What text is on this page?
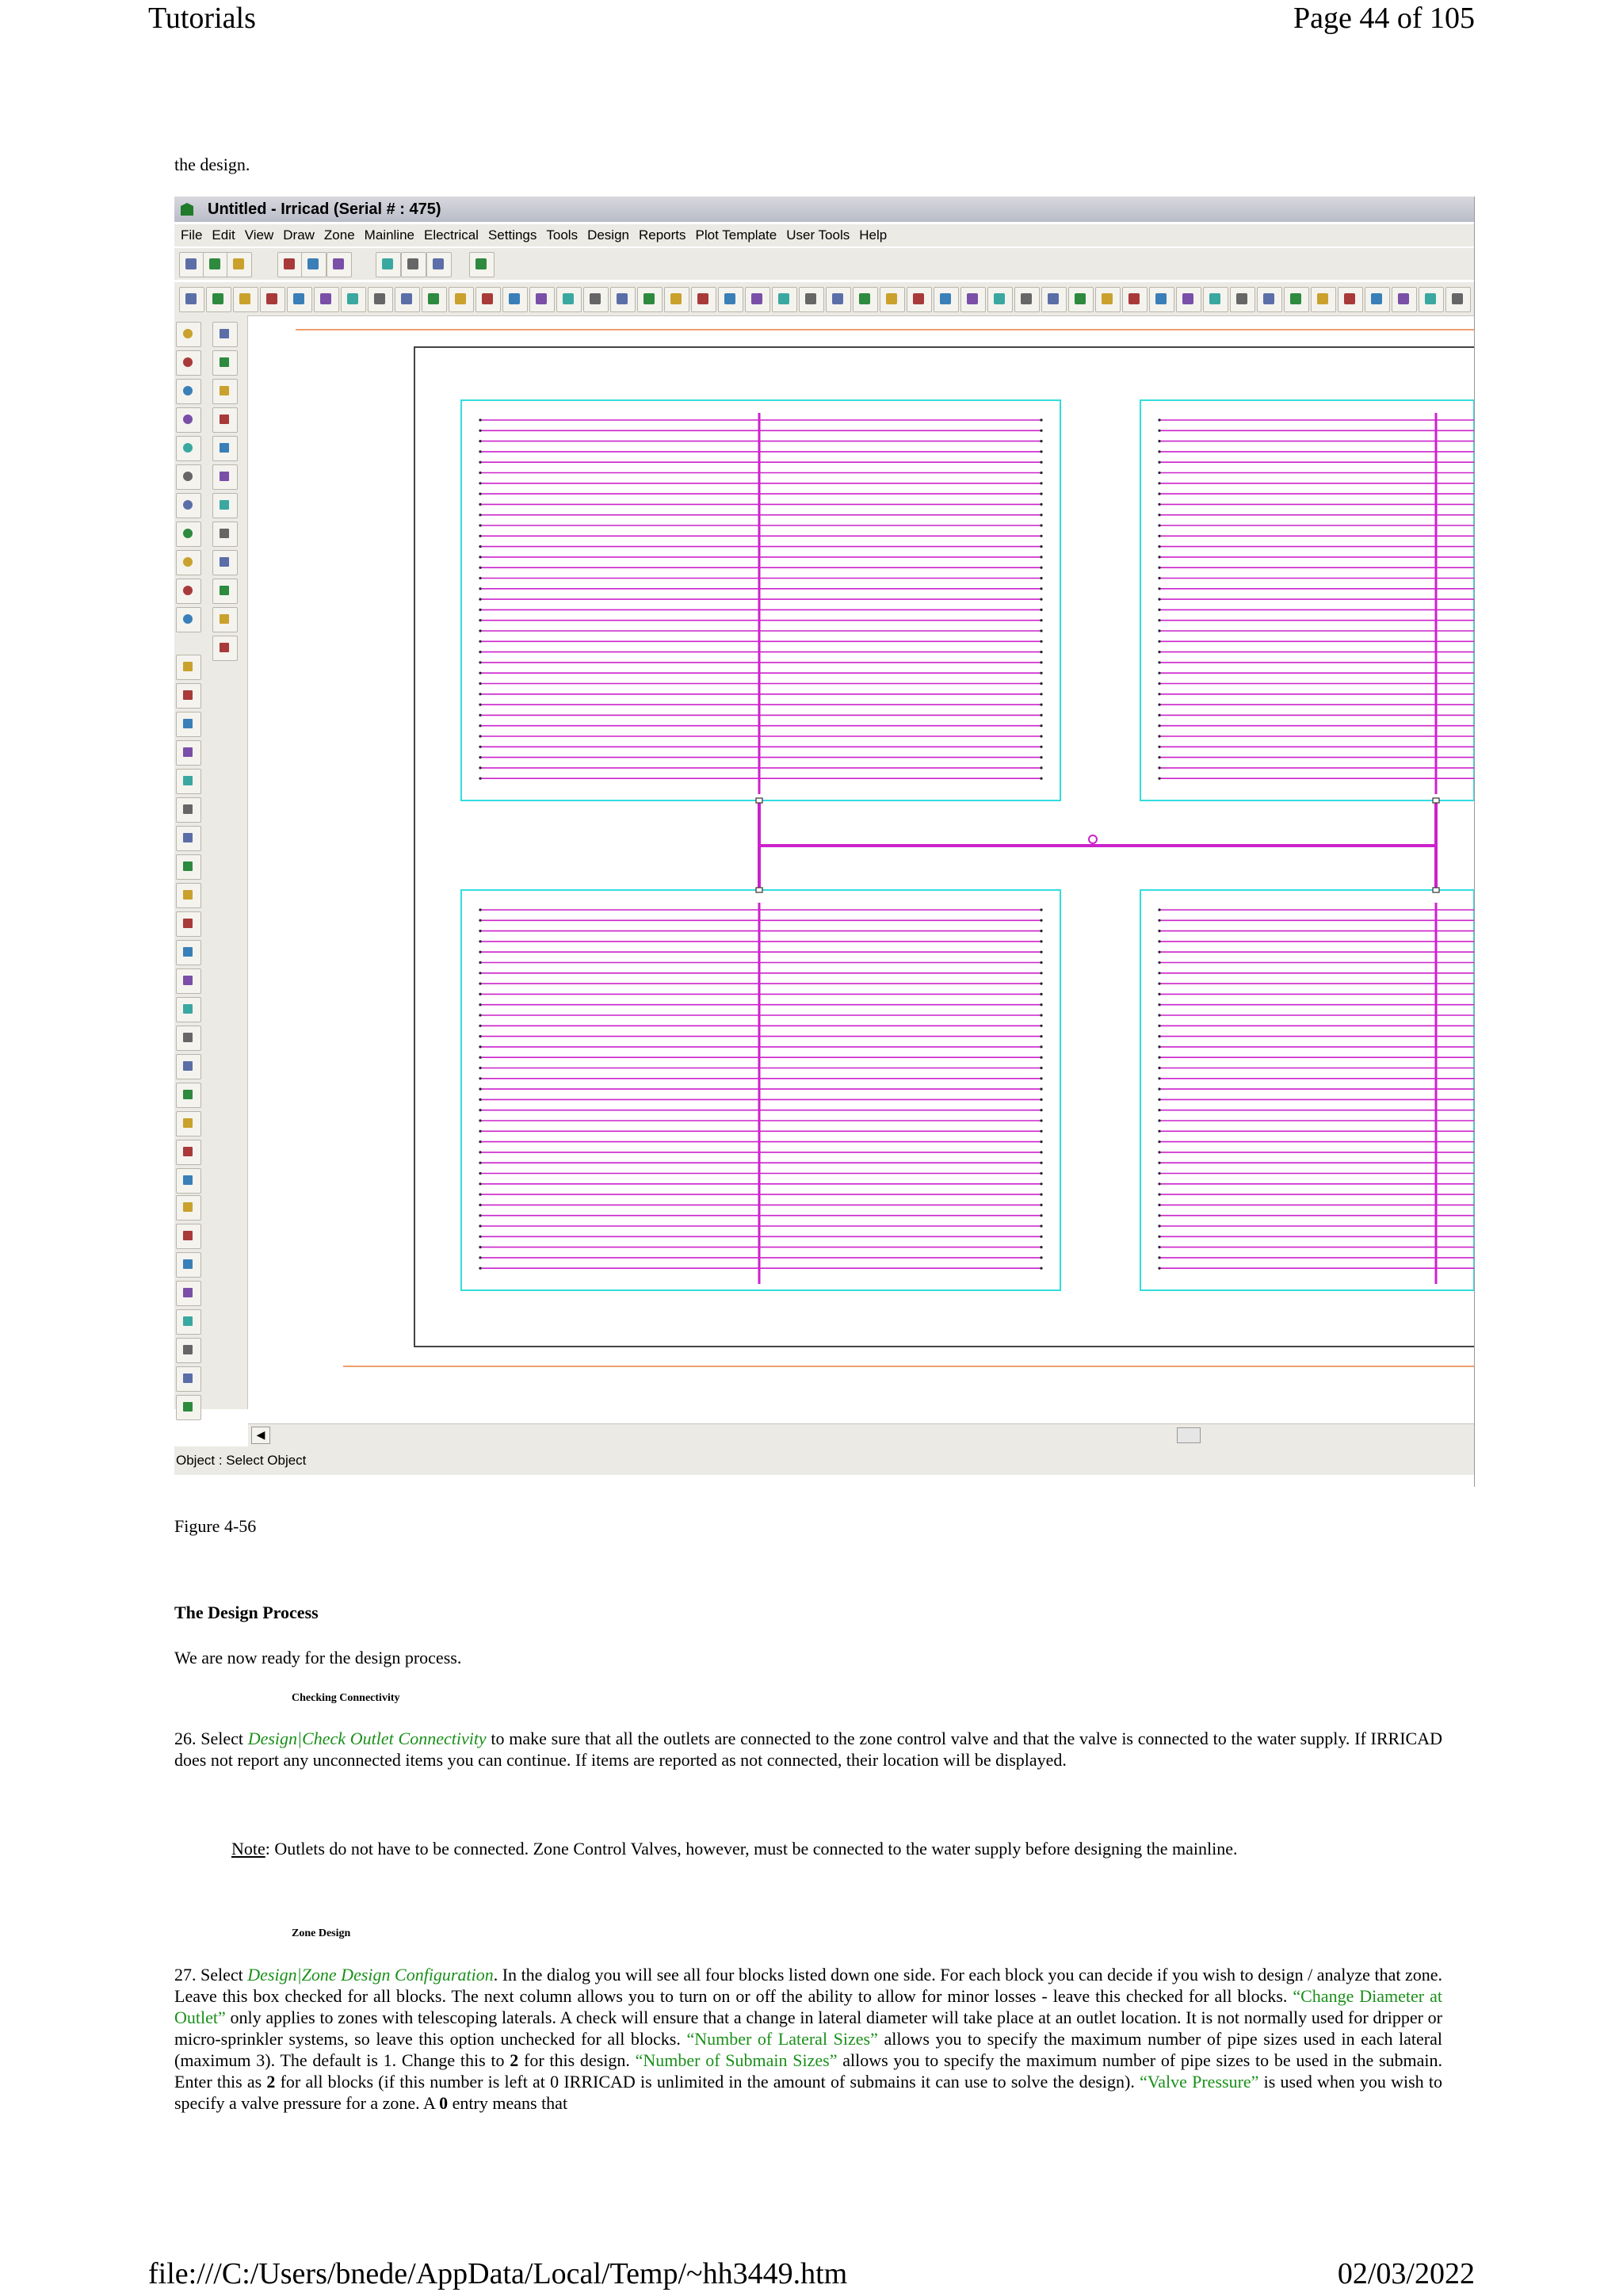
Tutorials	Page 44 of 105
the design.
Untitled - Irricad (Serial # : 475)
File Edit View Draw Zone Mainline Electrical Settings Tools Design Reports Plot Template User Tools Help
◀
Object : Select Object
Figure 4-56
The Design Process
We are now ready for the design process.
Checking Connectivity
26. Select Design|Check Outlet Connectivity to make sure that all the outlets are connected to the zone control valve and that the valve is connected to the water supply. If IRRICAD does not report any unconnected items you can continue. If items are reported as not connected, their location will be displayed.
Note: Outlets do not have to be connected. Zone Control Valves, however, must be connected to the water supply before designing the mainline.
Zone Design
27. Select Design|Zone Design Configuration. In the dialog you will see all four blocks listed down one side. For each block you can decide if you wish to design / analyze that zone. Leave this box checked for all blocks. The next column allows you to turn on or off the ability to allow for minor losses - leave this checked for all blocks. “Change Diameter at Outlet” only applies to zones with telescoping laterals. A check will ensure that a change in lateral diameter will take place at an outlet location. It is not normally used for dripper or micro-sprinkler systems, so leave this option unchecked for all blocks. “Number of Lateral Sizes” allows you to specify the maximum number of pipe sizes used in each lateral (maximum 3). The default is 1. Change this to 2 for this design. “Number of Submain Sizes” allows you to specify the maximum number of pipe sizes to be used in the submain. Enter this as 2 for all blocks (if this number is left at 0 IRRICAD is unlimited in the amount of submains it can use to solve the design). “Valve Pressure” is used when you wish to specify a valve pressure for a zone. A 0 entry means that
file:///C:/Users/bnede/AppData/Local/Temp/~hh3449.htm	02/03/2022
